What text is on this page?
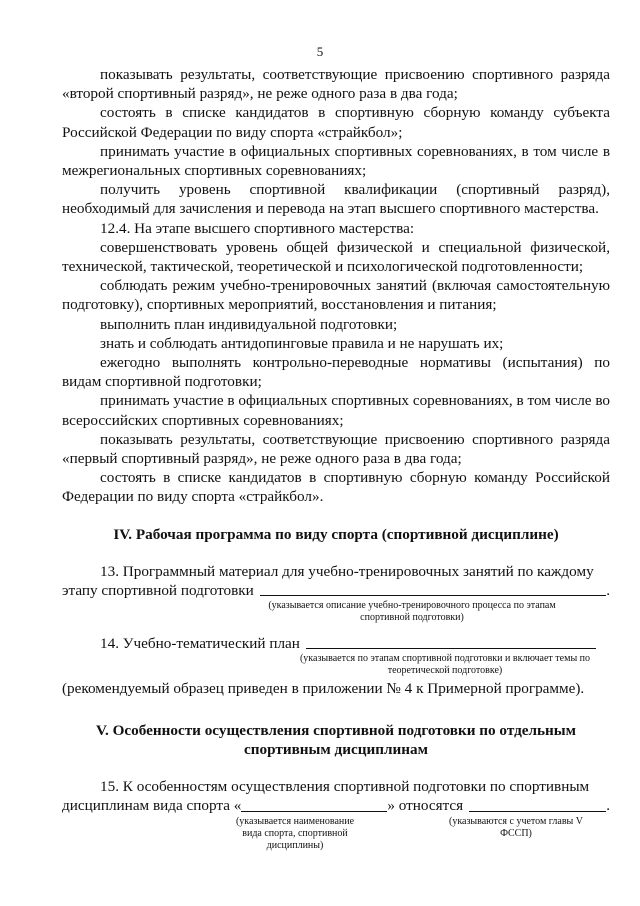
5

показывать результаты, соответствующие присвоению спортивного разряда «второй спортивный разряд», не реже одного раза в два года;

состоять в списке кандидатов в спортивную сборную команду субъекта Российской Федерации по виду спорта «страйкбол»;

принимать участие в официальных спортивных соревнованиях, в том числе в межрегиональных спортивных соревнованиях;

получить уровень спортивной квалификации (спортивный разряд), необходимый для зачисления и перевода на этап высшего спортивного мастерства.

12.4. На этапе высшего спортивного мастерства:

совершенствовать уровень общей физической и специальной физической, технической, тактической, теоретической и психологической подготовленности;

соблюдать режим учебно-тренировочных занятий (включая самостоятельную подготовку), спортивных мероприятий, восстановления и питания;

выполнить план индивидуальной подготовки;

знать и соблюдать антидопинговые правила и не нарушать их;

ежегодно выполнять контрольно-переводные нормативы (испытания) по видам спортивной подготовки;

принимать участие в официальных спортивных соревнованиях, в том числе во всероссийских спортивных соревнованиях;

показывать результаты, соответствующие присвоению спортивного разряда «первый спортивный разряд», не реже одного раза в два года;

состоять в списке кандидатов в спортивную сборную команду Российской Федерации по виду спорта «страйкбол».

IV. Рабочая программа по виду спорта (спортивной дисциплине)

13. Программный материал для учебно-тренировочных занятий по каждому

этапу спортивной подготовки	.
(указывается описание учебно-тренировочного процесса по этапам спортивной подготовки)
14. Учебно-тематический план
(указывается по этапам спортивной подготовки и включает темы по теоретической подготовке)

(рекомендуемый образец приведен в приложении № 4 к Примерной программе).

V. Особенности осуществления спортивной подготовки по отдельным
спортивным дисциплинам

15. К особенностям осуществления спортивной подготовки по спортивным

дисциплинам вида спорта «	» относятся	.
(указывается наименование вида спорта, спортивной дисциплины)
(указываются с учетом главы V ФССП)
